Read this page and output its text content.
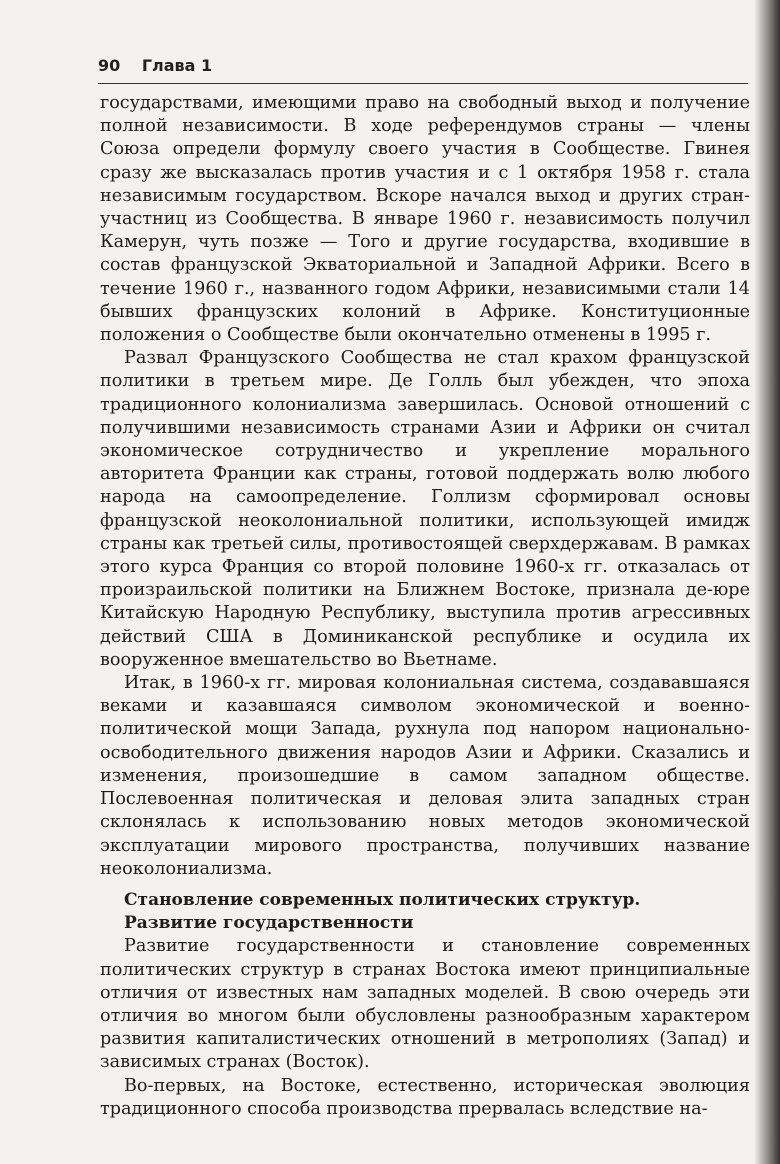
90 Глава 1

государствами, имеющими право на свободный выход и получение полной независимости. В ходе референдумов страны — члены Союза определи формулу своего участия в Сообществе. Гвинея сразу же высказалась против участия и с 1 октября 1958 г. стала независимым государством. Вскоре начался выход и других стран-участниц из Сообщества. В январе 1960 г. независимость получил Камерун, чуть позже — Того и другие государства, входившие в состав французской Экваториальной и Западной Африки. Всего в течение 1960 г., названного годом Африки, независимыми стали 14 бывших французских колоний в Африке. Конституционные положения о Сообществе были окончательно отменены в 1995 г.

Развал Французского Сообщества не стал крахом французской политики в третьем мире. Де Голль был убежден, что эпоха традиционного колониализма завершилась. Основой отношений с получившими независимость странами Азии и Африки он считал экономическое сотрудничество и укрепление морального авторитета Франции как страны, готовой поддержать волю любого народа на самоопределение. Голлизм сформировал основы французской неоколониальной политики, использующей имидж страны как третьей силы, противостоящей сверхдержавам. В рамках этого курса Франция со второй половине 1960-х гг. отказалась от произраильской политики на Ближнем Востоке, признала де-юре Китайскую Народную Республику, выступила против агрессивных действий США в Доминиканской республике и осудила их вооруженное вмешательство во Вьетнаме.

Итак, в 1960-х гг. мировая колониальная система, создававшаяся веками и казавшаяся символом экономической и военно-политической мощи Запада, рухнула под напором национально-освободительного движения народов Азии и Африки. Сказались и изменения, произошедшие в самом западном обществе. Послевоенная политическая и деловая элита западных стран склонялась к использованию новых методов экономической эксплуатации мирового пространства, получивших название неоколониализма.

Становление современных политических структур.
Развитие государственности

Развитие государственности и становление современных политических структур в странах Востока имеют принципиальные отличия от известных нам западных моделей. В свою очередь эти отличия во многом были обусловлены разнообразным характером развития капиталистических отношений в метрополиях (Запад) и зависимых странах (Восток).

Во-первых, на Востоке, естественно, историческая эволюция традиционного способа производства прервалась вследствие на-
